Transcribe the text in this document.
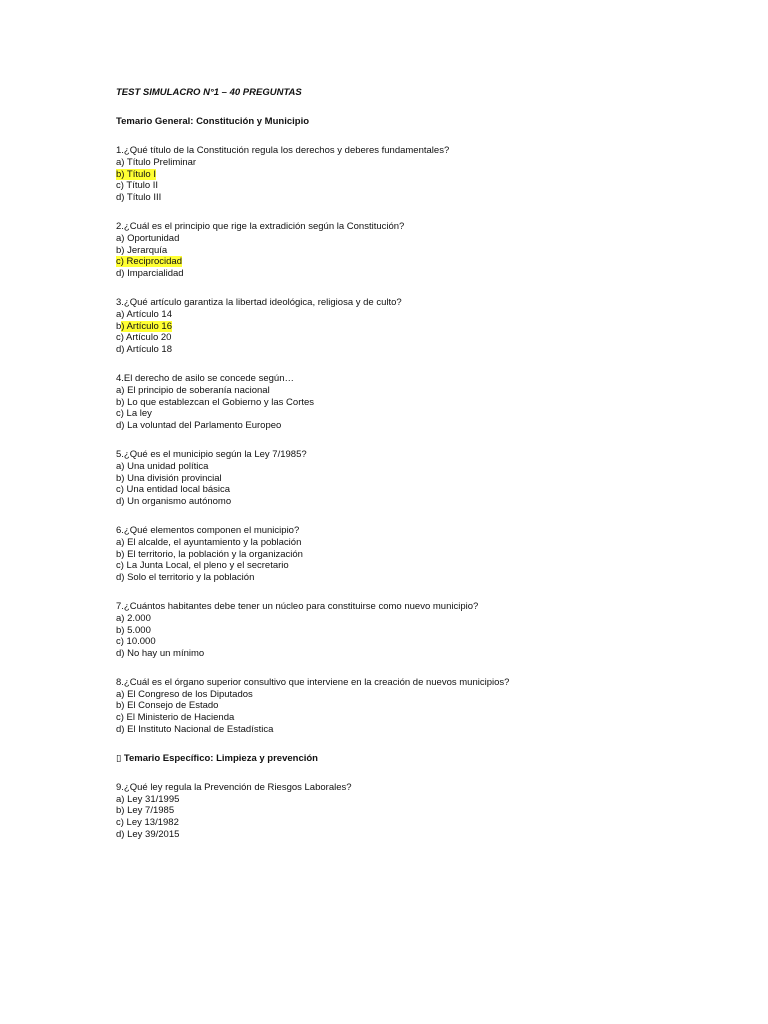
TEST SIMULACRO N°1 – 40 PREGUNTAS
Temario General: Constitución y Municipio
1.¿Qué título de la Constitución regula los derechos y deberes fundamentales?
a) Título Preliminar
b) Título I
c) Título II
d) Título III
2.¿Cuál es el principio que rige la extradición según la Constitución?
a) Oportunidad
b) Jerarquía
c) Reciprocidad
d) Imparcialidad
3.¿Qué artículo garantiza la libertad ideológica, religiosa y de culto?
a) Artículo 14
b) Artículo 16
c) Artículo 20
d) Artículo 18
4.El derecho de asilo se concede según…
a) El principio de soberanía nacional
b) Lo que establezcan el Gobierno y las Cortes
c) La ley
d) La voluntad del Parlamento Europeo
5.¿Qué es el municipio según la Ley 7/1985?
a) Una unidad política
b) Una división provincial
c) Una entidad local básica
d) Un organismo autónomo
6.¿Qué elementos componen el municipio?
a) El alcalde, el ayuntamiento y la población
b) El territorio, la población y la organización
c) La Junta Local, el pleno y el secretario
d) Solo el territorio y la población
7.¿Cuántos habitantes debe tener un núcleo para constituirse como nuevo municipio?
a) 2.000
b) 5.000
c) 10.000
d) No hay un mínimo
8.¿Cuál es el órgano superior consultivo que interviene en la creación de nuevos municipios?
a) El Congreso de los Diputados
b) El Consejo de Estado
c) El Ministerio de Hacienda
d) El Instituto Nacional de Estadística
▯ Temario Específico: Limpieza y prevención
9.¿Qué ley regula la Prevención de Riesgos Laborales?
a) Ley 31/1995
b) Ley 7/1985
c) Ley 13/1982
d) Ley 39/2015
